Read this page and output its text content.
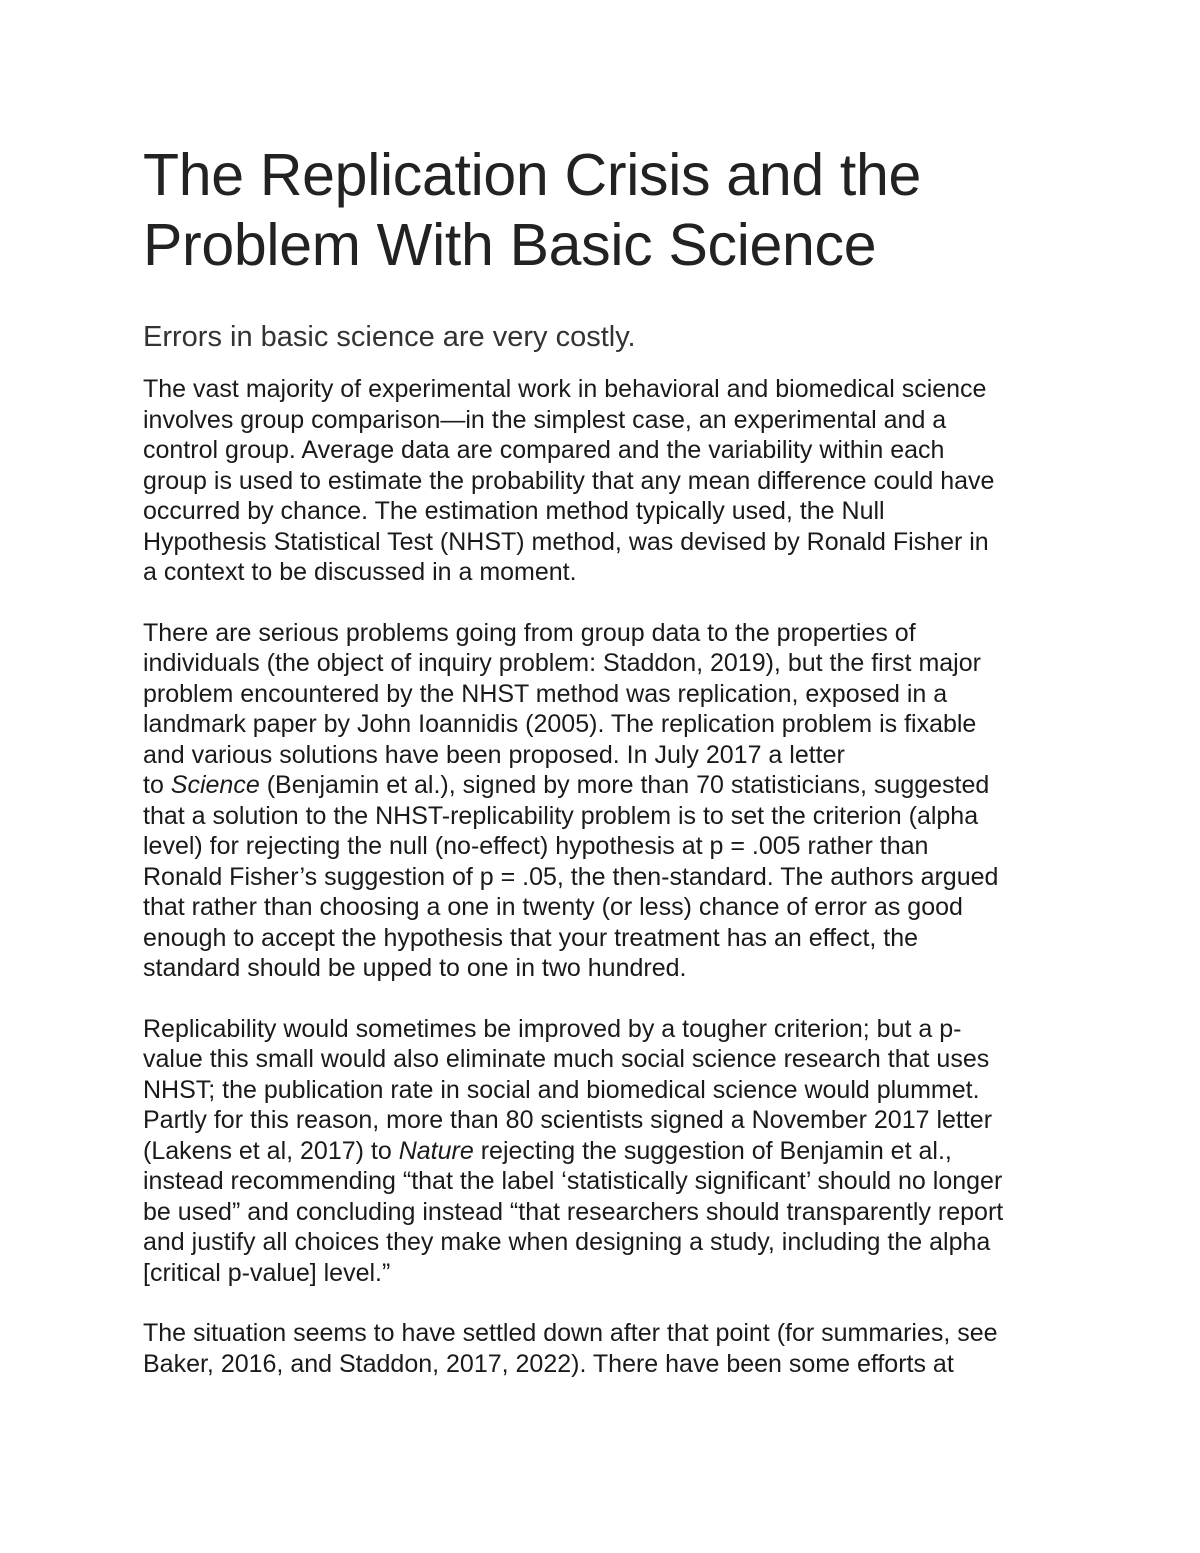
The Replication Crisis and the
Problem With Basic Science

Errors in basic science are very costly.

The vast majority of experimental work in behavioral and biomedical science
involves group comparison—in the simplest case, an experimental and a
control group. Average data are compared and the variability within each
group is used to estimate the probability that any mean difference could have
occurred by chance. The estimation method typically used, the Null
Hypothesis Statistical Test (NHST) method, was devised by Ronald Fisher in
a context to be discussed in a moment.

There are serious problems going from group data to the properties of
individuals (the object of inquiry problem: Staddon, 2019), but the first major
problem encountered by the NHST method was replication, exposed in a
landmark paper by John Ioannidis (2005). The replication problem is fixable
and various solutions have been proposed. In July 2017 a letter
to Science (Benjamin et al.), signed by more than 70 statisticians, suggested
that a solution to the NHST-replicability problem is to set the criterion (alpha
level) for rejecting the null (no-effect) hypothesis at p = .005 rather than
Ronald Fisher’s suggestion of p = .05, the then-standard. The authors argued
that rather than choosing a one in twenty (or less) chance of error as good
enough to accept the hypothesis that your treatment has an effect, the
standard should be upped to one in two hundred.

Replicability would sometimes be improved by a tougher criterion; but a p-
value this small would also eliminate much social science research that uses
NHST; the publication rate in social and biomedical science would plummet.
Partly for this reason, more than 80 scientists signed a November 2017 letter
(Lakens et al, 2017) to Nature rejecting the suggestion of Benjamin et al.,
instead recommending “that the label ‘statistically significant’ should no longer
be used” and concluding instead “that researchers should transparently report
and justify all choices they make when designing a study, including the alpha
[critical p-value] level.”

The situation seems to have settled down after that point (for summaries, see
Baker, 2016, and Staddon, 2017, 2022). There have been some efforts at
